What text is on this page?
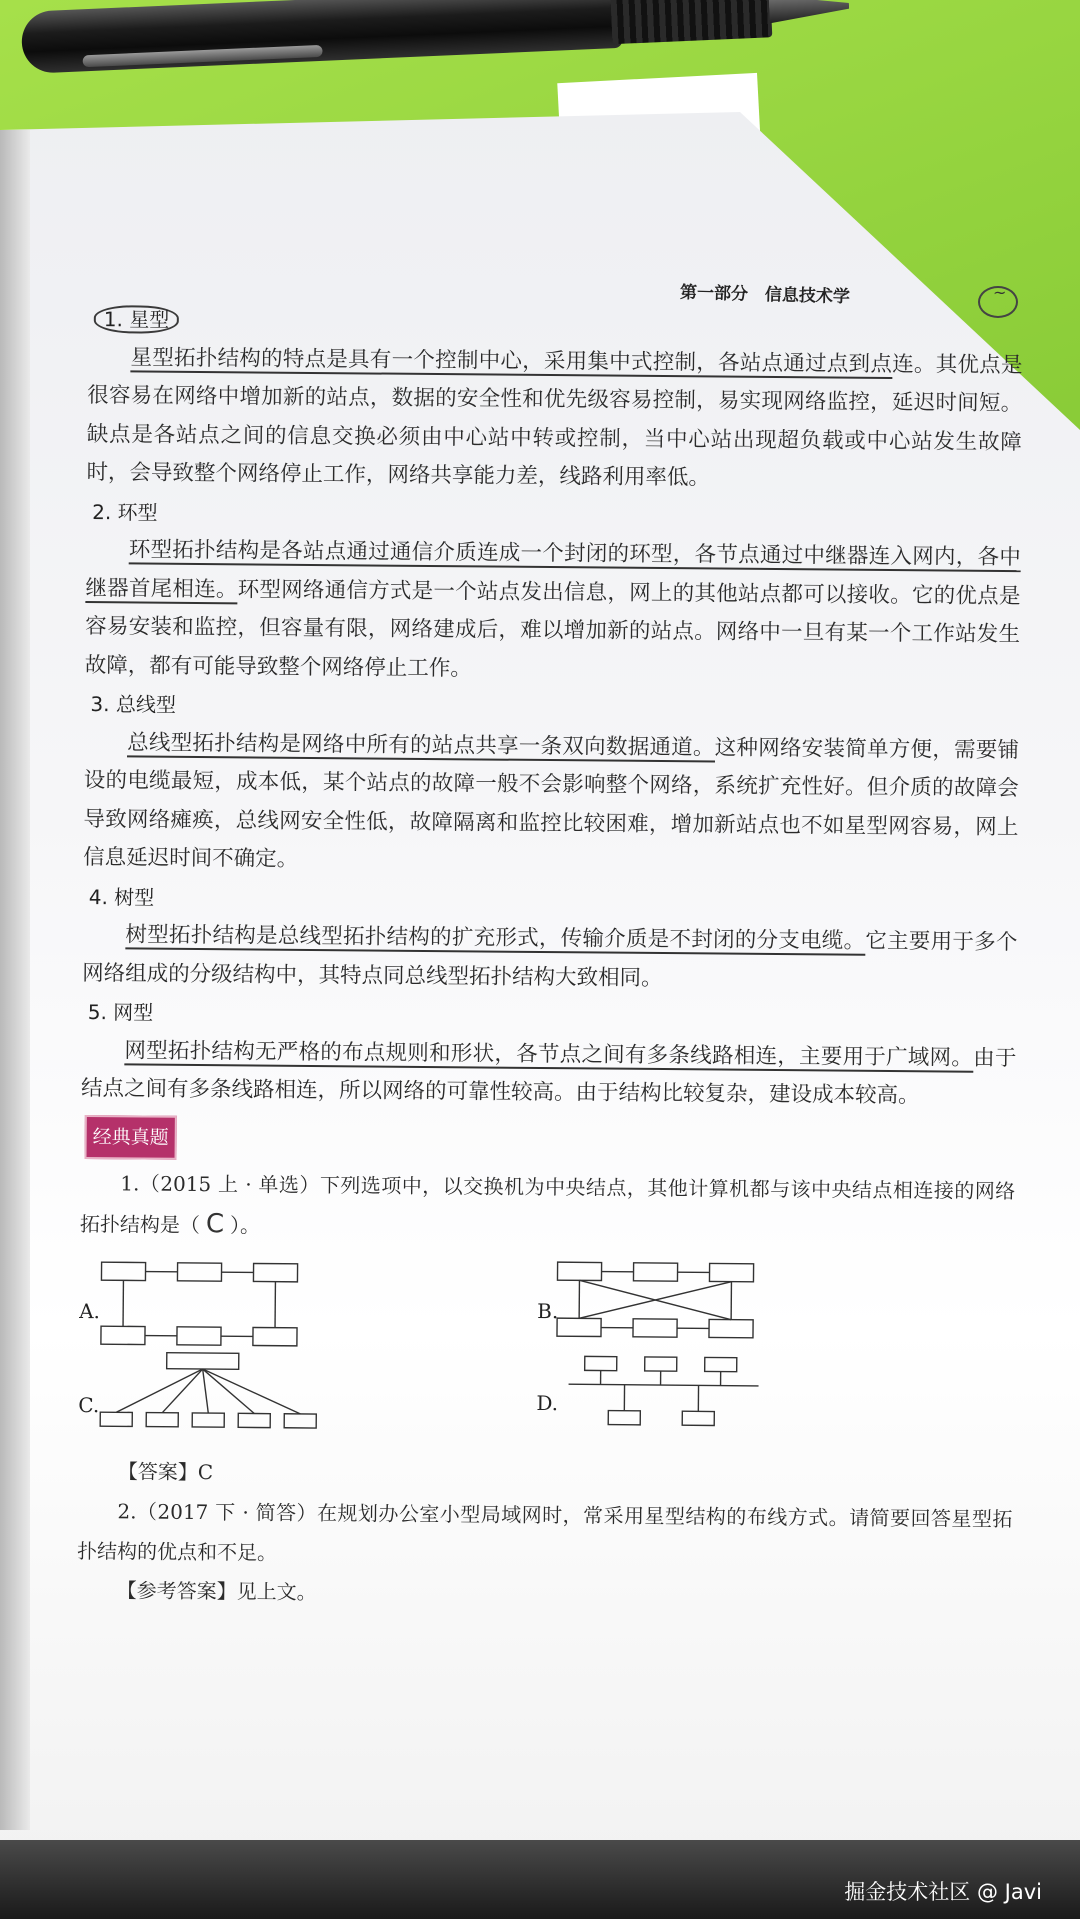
第一部分　信息技术学	~
1. 星型

星型拓扑结构的特点是具有一个控制中心，采用集中式控制，各站点通过点到点连。其优点是很容易在网络中增加新的站点，数据的安全性和优先级容易控制，易实现网络监控，延迟时间短。缺点是各站点之间的信息交换必须由中心站中转或控制，当中心站出现超负载或中心站发生故障时，会导致整个网络停止工作，网络共享能力差，线路利用率低。

2. 环型

环型拓扑结构是各站点通过通信介质连成一个封闭的环型，各节点通过中继器连入网内，各中继器首尾相连。环型网络通信方式是一个站点发出信息，网上的其他站点都可以接收。它的优点是容易安装和监控，但容量有限，网络建成后，难以增加新的站点。网络中一旦有某一个工作站发生故障，都有可能导致整个网络停止工作。

3. 总线型

总线型拓扑结构是网络中所有的站点共享一条双向数据通道。这种网络安装简单方便，需要铺设的电缆最短，成本低，某个站点的故障一般不会影响整个网络，系统扩充性好。但介质的故障会导致网络瘫痪，总线网安全性低，故障隔离和监控比较困难，增加新站点也不如星型网容易，网上信息延迟时间不确定。

4. 树型

树型拓扑结构是总线型拓扑结构的扩充形式，传输介质是不封闭的分支电缆。它主要用于多个网络组成的分级结构中，其特点同总线型拓扑结构大致相同。

5. 网型

网型拓扑结构无严格的布点规则和形状，各节点之间有多条线路相连，主要用于广域网。由于结点之间有多条线路相连，所以网络的可靠性较高。由于结构比较复杂，建设成本较高。

经典真题

1.（2015 上 · 单选）下列选项中，以交换机为中央结点，其他计算机都与该中央结点相连接的网络拓扑结构是（ C ）。

A.	B.
C.	D.

【答案】C

2.（2017 下 · 简答）在规划办公室小型局域网时，常采用星型结构的布线方式。请简要回答星型拓扑结构的优点和不足。

【参考答案】见上文。

掘金技术社区 @ Javi
